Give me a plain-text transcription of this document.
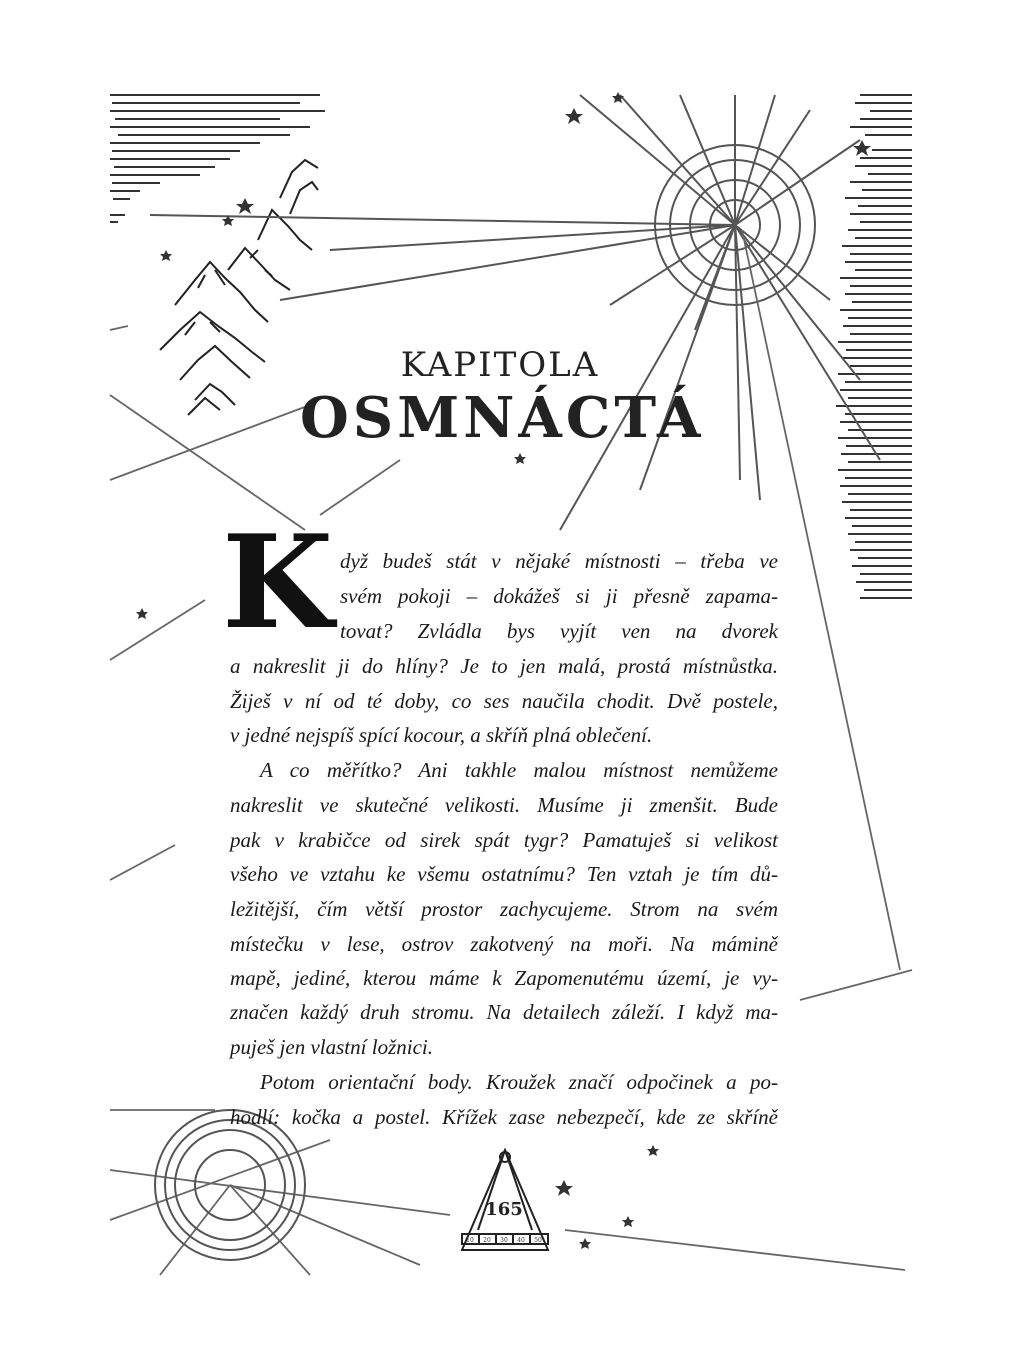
KAPITOLA
OSMNÁCTÁ
K dyž budeš stát v nějaké místnosti – třeba ve
svém pokoji – dokážeš si ji přesně zapama-
tovat? Zvládla bys vyjít ven na dvorek
a nakreslit ji do hlíny? Je to jen malá, prostá místnůstka.
Žiješ v ní od té doby, co ses naučila chodit. Dvě postele,
v jedné nejspíš spící kocour, a skříň plná oblečení.
A co měřítko? Ani takhle malou místnost nemůžeme
nakreslit ve skutečné velikosti. Musíme ji zmenšit. Bude
pak v krabičce od sirek spát tygr? Pamatuješ si velikost
všeho ve vztahu ke všemu ostatnímu? Ten vztah je tím dů-
ležitější, čím větší prostor zachycujeme. Strom na svém
místečku v lese, ostrov zakotvený na moři. Na mámině
mapě, jediné, kterou máme k Zapomenutému území, je vy-
značen každý druh stromu. Na detailech záleží. I když ma-
puješ jen vlastní ložnici.
Potom orientační body. Kroužek značí odpočinek a po-
hodlí: kočka a postel. Křížek zase nebezpečí, kde ze skříně
165
10 20 30 40 50
